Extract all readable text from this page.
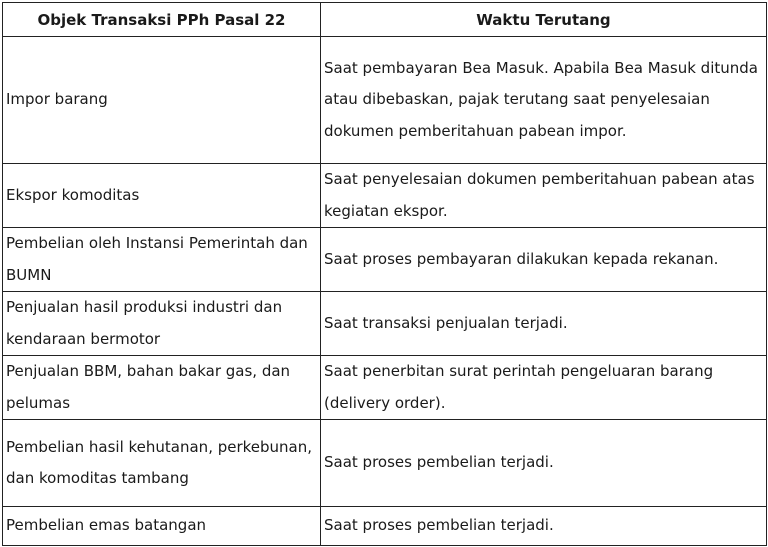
Objek Transaksi PPh Pasal 22	Waktu Terutang
Impor barang	Saat pembayaran Bea Masuk. Apabila Bea Masuk ditunda atau dibebaskan, pajak terutang saat penyelesaian dokumen pemberitahuan pabean impor.
Ekspor komoditas	Saat penyelesaian dokumen pemberitahuan pabean atas kegiatan ekspor.
Pembelian oleh Instansi Pemerintah dan BUMN	Saat proses pembayaran dilakukan kepada rekanan.
Penjualan hasil produksi industri dan kendaraan bermotor	Saat transaksi penjualan terjadi.
Penjualan BBM, bahan bakar gas, dan pelumas	Saat penerbitan surat perintah pengeluaran barang (delivery order).
Pembelian hasil kehutanan, perkebunan, dan komoditas tambang	Saat proses pembelian terjadi.
Pembelian emas batangan	Saat proses pembelian terjadi.
